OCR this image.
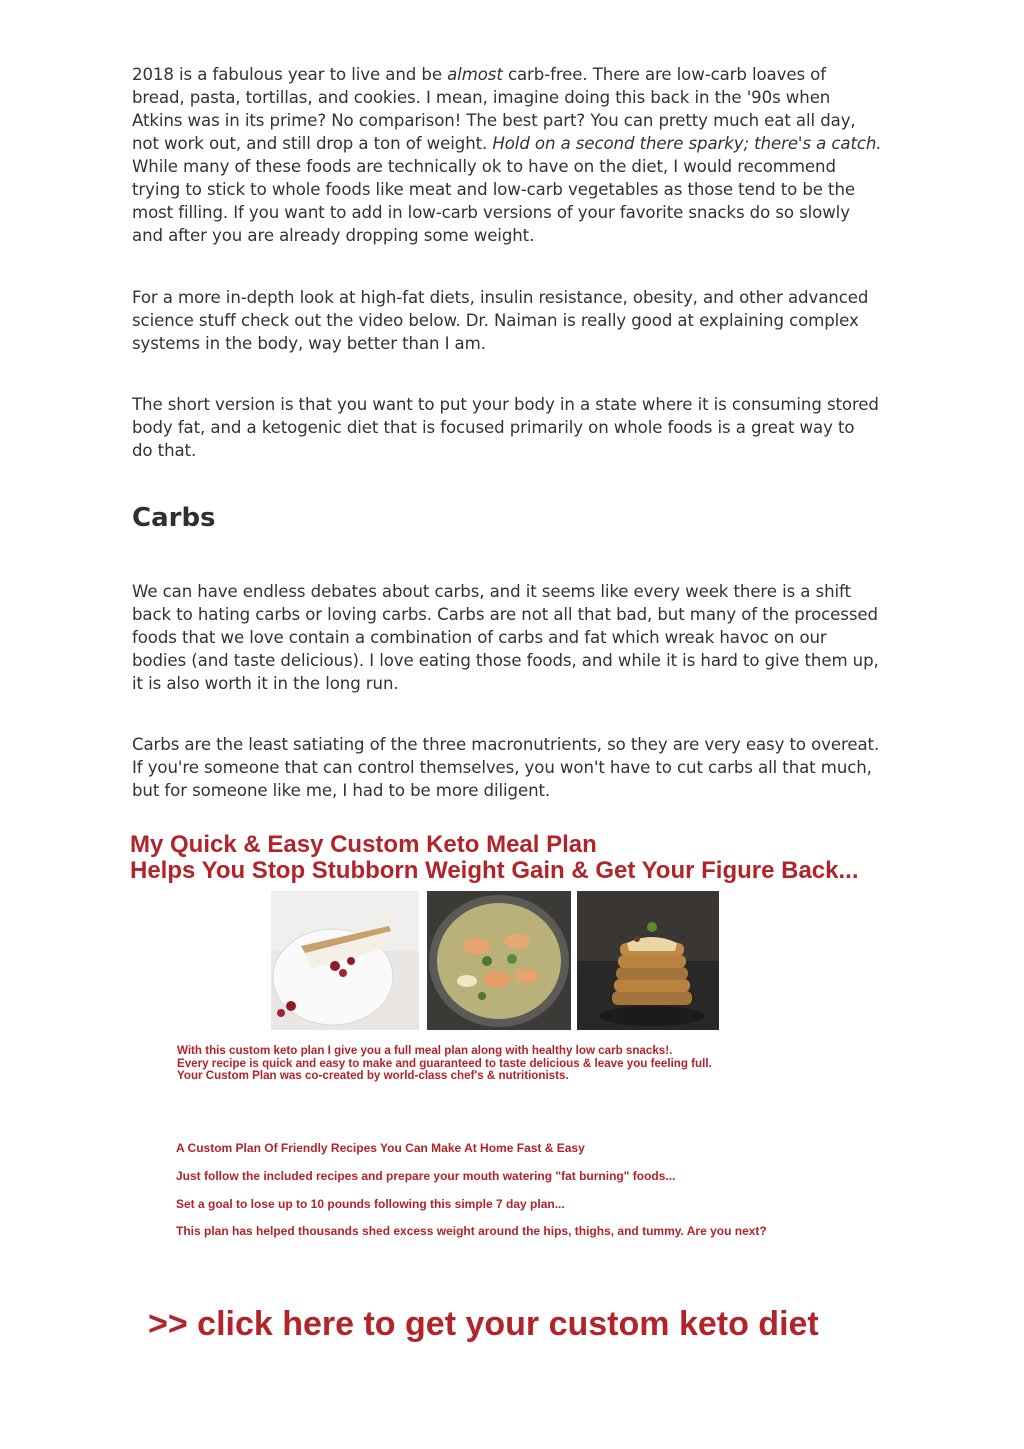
2018 is a fabulous year to live and be almost carb-free. There are low-carb loaves of
bread, pasta, tortillas, and cookies. I mean, imagine doing this back in the '90s when
Atkins was in its prime? No comparison! The best part? You can pretty much eat all day,
not work out, and still drop a ton of weight. Hold on a second there sparky; there's a catch.
While many of these foods are technically ok to have on the diet, I would recommend
trying to stick to whole foods like meat and low-carb vegetables as those tend to be the
most filling. If you want to add in low-carb versions of your favorite snacks do so slowly
and after you are already dropping some weight.

For a more in-depth look at high-fat diets, insulin resistance, obesity, and other advanced
science stuff check out the video below. Dr. Naiman is really good at explaining complex
systems in the body, way better than I am.

The short version is that you want to put your body in a state where it is consuming stored
body fat, and a ketogenic diet that is focused primarily on whole foods is a great way to
do that.

Carbs

We can have endless debates about carbs, and it seems like every week there is a shift
back to hating carbs or loving carbs. Carbs are not all that bad, but many of the processed
foods that we love contain a combination of carbs and fat which wreak havoc on our
bodies (and taste delicious). I love eating those foods, and while it is hard to give them up,
it is also worth it in the long run.

Carbs are the least satiating of the three macronutrients, so they are very easy to overeat.
If you're someone that can control themselves, you won't have to cut carbs all that much,
but for someone like me, I had to be more diligent.

My Quick & Easy Custom Keto Meal Plan
Helps You Stop Stubborn Weight Gain & Get Your Figure Back...
With this custom keto plan I give you a full meal plan along with healthy low carb snacks!.
Every recipe is quick and easy to make and guaranteed to taste delicious & leave you feeling full.
Your Custom Plan was co-created by world-class chef's & nutritionists.

A Custom Plan Of Friendly Recipes You Can Make At Home Fast & Easy

Just follow the included recipes and prepare your mouth watering "fat burning" foods...

Set a goal to lose up to 10 pounds following this simple 7 day plan...

This plan has helped thousands shed excess weight around the hips, thighs, and tummy. Are you next?

>> click here to get your custom keto diet
